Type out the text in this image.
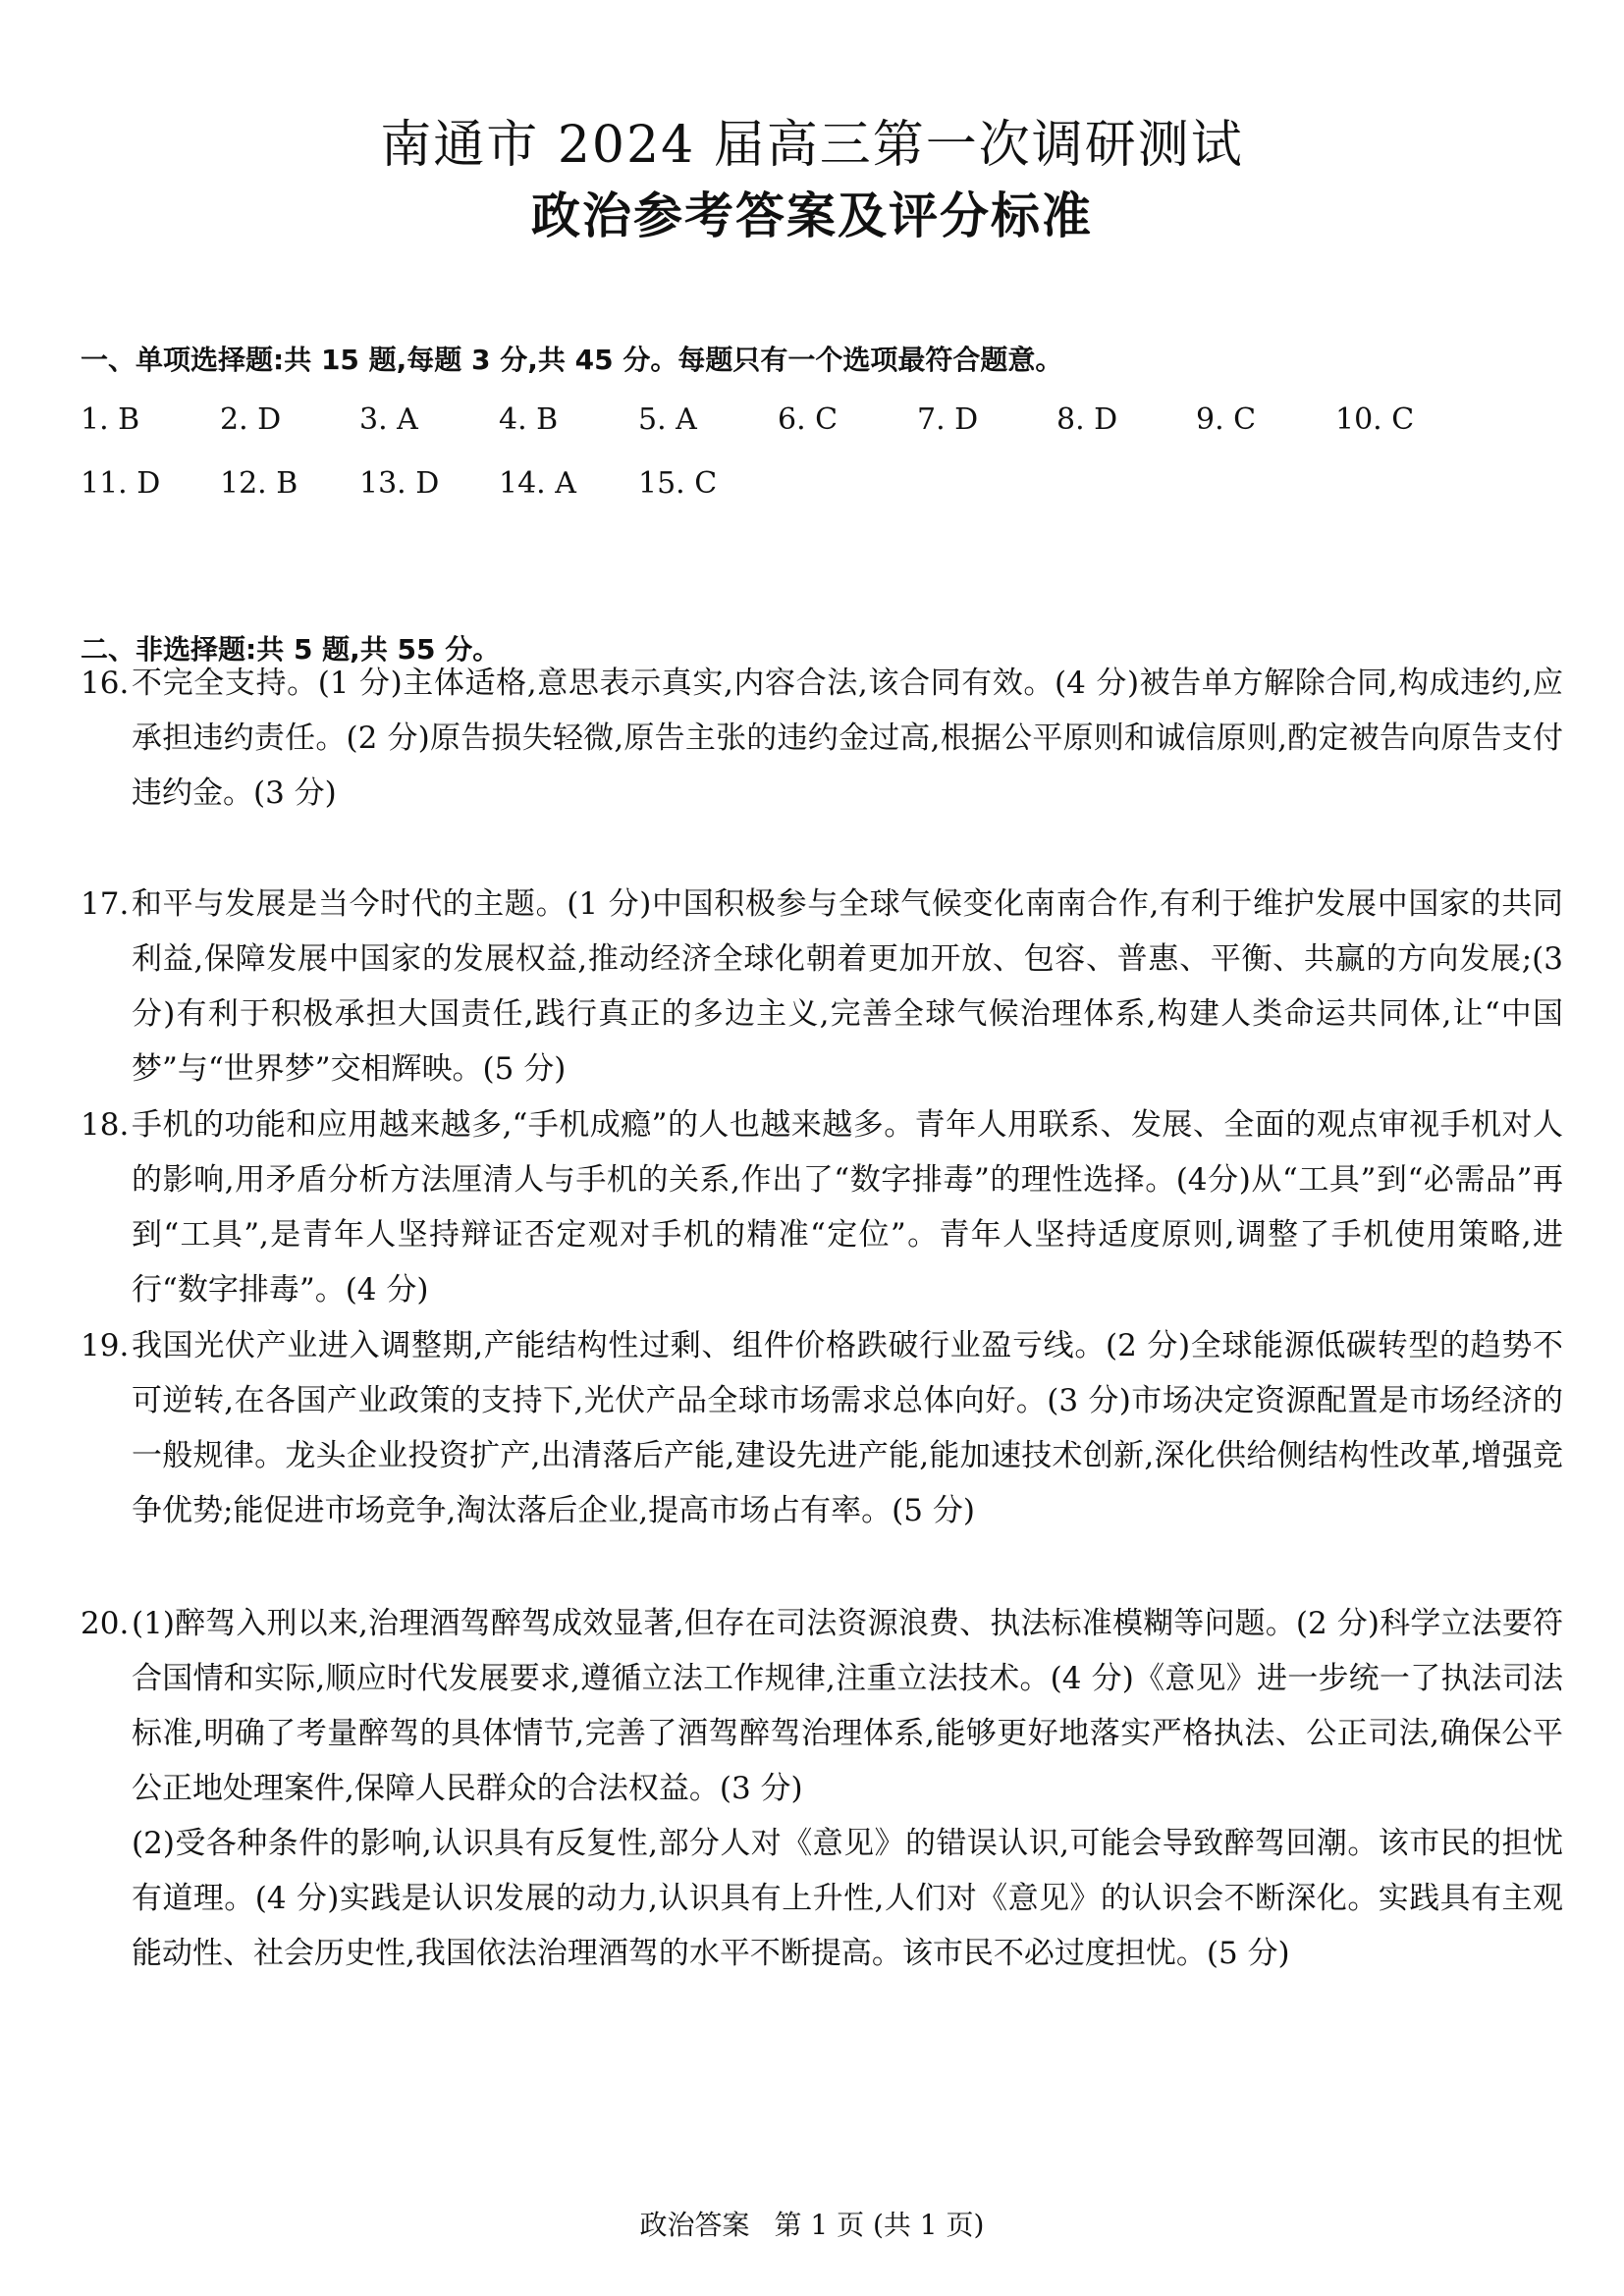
南通市 2024 届高三第一次调研测试
政治参考答案及评分标准
一、单项选择题:共 15 题,每题 3 分,共 45 分。每题只有一个选项最符合题意。
1. B	2. D	3. A	4. B	5. A	6. C	7. D	8. D	9. C	10. C
11. D 12. B 13. D 14. A 15. C
二、非选择题:共 5 题,共 55 分。
16. 不完全支持。(1 分)主体适格,意思表示真实,内容合法,该合同有效。(4 分)被告单方解除合同,构成违约,应承担违约责任。(2 分)原告损失轻微,原告主张的违约金过高,根据公平原则和诚信原则,酌定被告向原告支付违约金。(3 分)
17. 和平与发展是当今时代的主题。(1 分)中国积极参与全球气候变化南南合作,有利于维护发展中国家的共同利益,保障发展中国家的发展权益,推动经济全球化朝着更加开放、包容、普惠、平衡、共赢的方向发展;(3 分)有利于积极承担大国责任,践行真正的多边主义,完善全球气候治理体系,构建人类命运共同体,让“中国梦”与“世界梦”交相辉映。(5 分)
18. 手机的功能和应用越来越多,“手机成瘾”的人也越来越多。青年人用联系、发展、全面的观点审视手机对人的影响,用矛盾分析方法厘清人与手机的关系,作出了“数字排毒”的理性选择。(4分)从“工具”到“必需品”再到“工具”,是青年人坚持辩证否定观对手机的精准“定位”。青年人坚持适度原则,调整了手机使用策略,进行“数字排毒”。(4 分)
19. 我国光伏产业进入调整期,产能结构性过剩、组件价格跌破行业盈亏线。(2 分)全球能源低碳转型的趋势不可逆转,在各国产业政策的支持下,光伏产品全球市场需求总体向好。(3 分)市场决定资源配置是市场经济的一般规律。龙头企业投资扩产,出清落后产能,建设先进产能,能加速技术创新,深化供给侧结构性改革,增强竞争优势;能促进市场竞争,淘汰落后企业,提高市场占有率。(5 分)
20. (1)醉驾入刑以来,治理酒驾醉驾成效显著,但存在司法资源浪费、执法标准模糊等问题。(2 分)科学立法要符合国情和实际,顺应时代发展要求,遵循立法工作规律,注重立法技术。(4 分)《意见》进一步统一了执法司法标准,明确了考量醉驾的具体情节,完善了酒驾醉驾治理体系,能够更好地落实严格执法、公正司法,确保公平公正地处理案件,保障人民群众的合法权益。(3 分)
(2)受各种条件的影响,认识具有反复性,部分人对《意见》的错误认识,可能会导致醉驾回潮。该市民的担忧有道理。(4 分)实践是认识发展的动力,认识具有上升性,人们对《意见》的认识会不断深化。实践具有主观能动性、社会历史性,我国依法治理酒驾的水平不断提高。该市民不必过度担忧。(5 分)
政治答案 第 1 页 (共 1 页)
